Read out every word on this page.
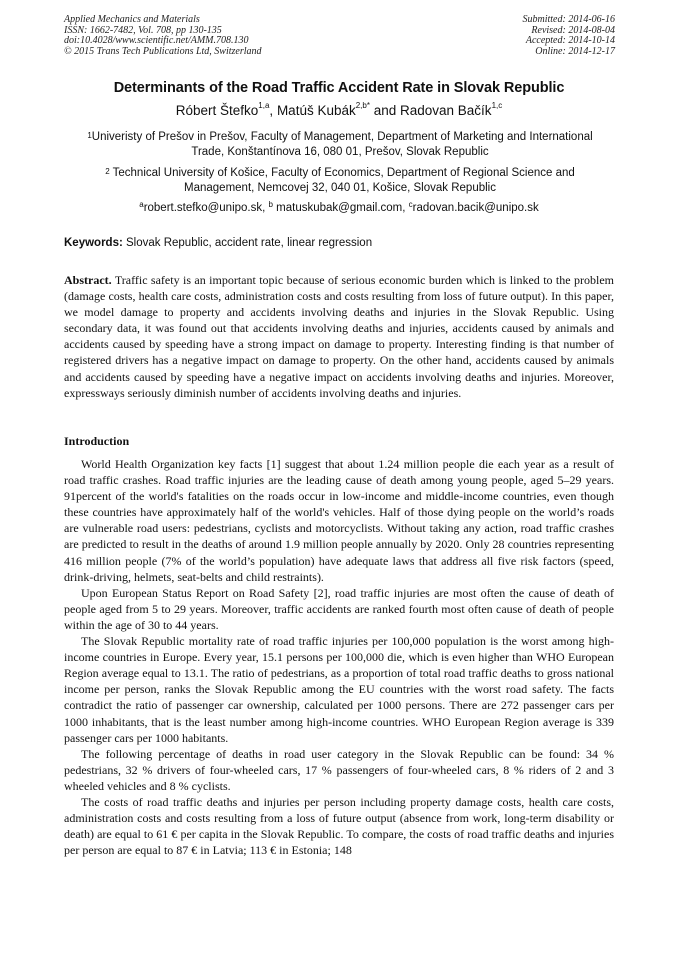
Applied Mechanics and Materials
ISSN: 1662-7482, Vol. 708, pp 130-135
doi:10.4028/www.scientific.net/AMM.708.130
© 2015 Trans Tech Publications Ltd, Switzerland
Submitted: 2014-06-16
Revised: 2014-08-04
Accepted: 2014-10-14
Online: 2014-12-17
Determinants of the Road Traffic Accident Rate in Slovak Republic
Róbert Štefko$^{1,a}$, Matúš Kubák$^{2,b*}$ and Radovan Bačík$^{1,c}$
$^1$Univeristy of Prešov in Prešov, Faculty of Management, Department of Marketing and International Trade, Konštantínova 16, 080 01, Prešov, Slovak Republic
$^2$ Technical University of Košice, Faculty of Economics, Department of Regional Science and Management, Nemcovej 32, 040 01, Košice, Slovak Republic
$^a$robert.stefko@unipo.sk, $^b$ matuskubak@gmail.com, $^c$radovan.bacik@unipo.sk
Keywords: Slovak Republic, accident rate, linear regression
Abstract. Traffic safety is an important topic because of serious economic burden which is linked to the problem (damage costs, health care costs, administration costs and costs resulting from loss of future output). In this paper, we model damage to property and accidents involving deaths and injuries in the Slovak Republic. Using secondary data, it was found out that accidents involving deaths and injuries, accidents caused by animals and accidents caused by speeding have a strong impact on damage to property. Interesting finding is that number of registered drivers has a negative impact on damage to property. On the other hand, accidents caused by animals and accidents caused by speeding have a negative impact on accidents involving deaths and injuries. Moreover, expressways seriously diminish number of accidents involving deaths and injuries.
Introduction

World Health Organization key facts [1] suggest that about 1.24 million people die each year as a result of road traffic crashes. Road traffic injuries are the leading cause of death among young people, aged 5–29 years. 91percent of the world's fatalities on the roads occur in low-income and middle-income countries, even though these countries have approximately half of the world's vehicles. Half of those dying people on the world’s roads are vulnerable road users: pedestrians, cyclists and motorcyclists. Without taking any action, road traffic crashes are predicted to result in the deaths of around 1.9 million people annually by 2020. Only 28 countries representing 416 million people (7% of the world’s population) have adequate laws that address all five risk factors (speed, drink-driving, helmets, seat-belts and child restraints).

Upon European Status Report on Road Safety [2], road traffic injuries are most often the cause of death of people aged from 5 to 29 years. Moreover, traffic accidents are ranked fourth most often cause of death of people within the age of 30 to 44 years.

The Slovak Republic mortality rate of road traffic injuries per 100,000 population is the worst among high-income countries in Europe. Every year, 15.1 persons per 100,000 die, which is even higher than WHO European Region average equal to 13.1. The ratio of pedestrians, as a proportion of total road traffic deaths to gross national income per person, ranks the Slovak Republic among the EU countries with the worst road safety. The facts contradict the ratio of passenger car ownership, calculated per 1000 persons. There are 272 passenger cars per 1000 inhabitants, that is the least number among high-income countries. WHO European Region average is 339 passenger cars per 1000 habitants.

The following percentage of deaths in road user category in the Slovak Republic can be found: 34 % pedestrians, 32 % drivers of four-wheeled cars, 17 % passengers of four-wheeled cars, 8 % riders of 2 and 3 wheeled vehicles and 8 % cyclists.

The costs of road traffic deaths and injuries per person including property damage costs, health care costs, administration costs and costs resulting from a loss of future output (absence from work, long-term disability or death) are equal to 61 € per capita in the Slovak Republic. To compare, the costs of road traffic deaths and injuries per person are equal to 87 € in Latvia; 113 € in Estonia; 148
